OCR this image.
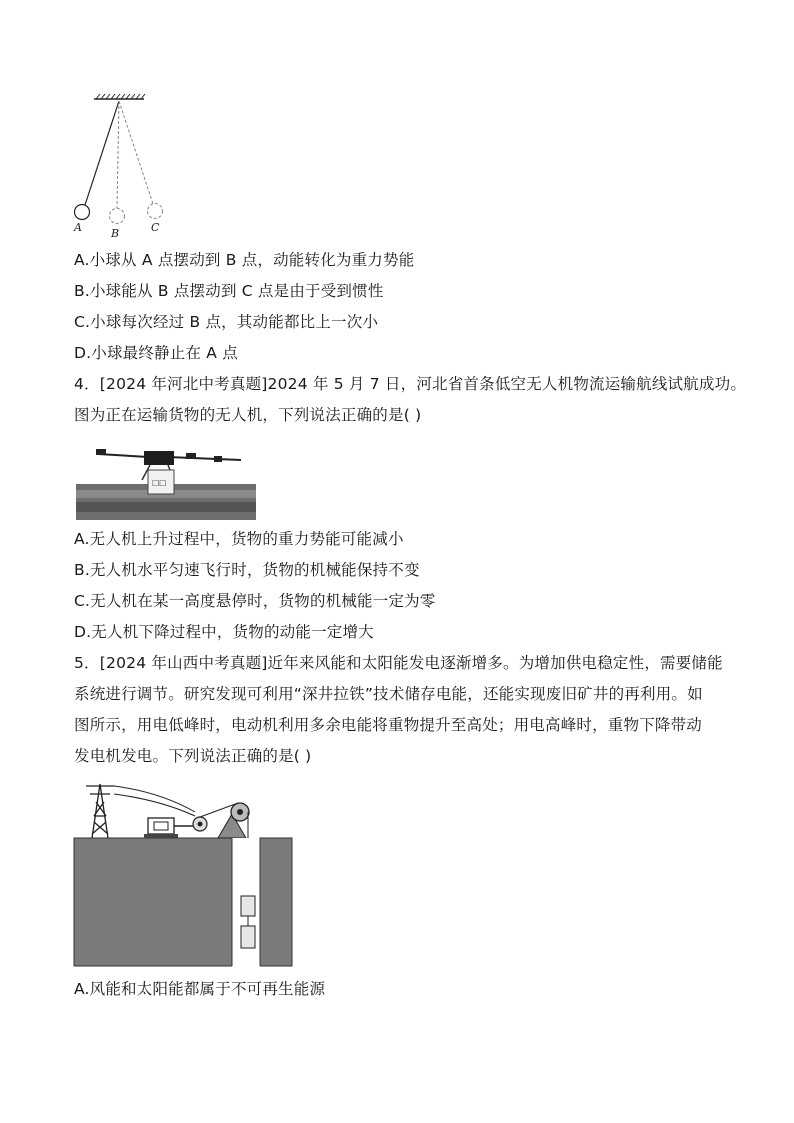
A	B	C
A.小球从 A 点摆动到 B 点，动能转化为重力势能
B.小球能从 B 点摆动到 C 点是由于受到惯性
C.小球每次经过 B 点，其动能都比上一次小
D.小球最终静止在 A 点
4．[2024 年河北中考真题]2024 年 5 月 7 日，河北省首条低空无人机物流运输航线试航成功。
图为正在运输货物的无人机，下列说法正确的是( )
☐☐
A.无人机上升过程中，货物的重力势能可能减小
B.无人机水平匀速飞行时，货物的机械能保持不变
C.无人机在某一高度悬停时，货物的机械能一定为零
D.无人机下降过程中，货物的动能一定增大
5．[2024 年山西中考真题]近年来风能和太阳能发电逐渐增多。为增加供电稳定性，需要储能
系统进行调节。研究发现可利用“深井拉铁”技术储存电能，还能实现废旧矿井的再利用。如
图所示，用电低峰时，电动机利用多余电能将重物提升至高处；用电高峰时，重物下降带动
发电机发电。下列说法正确的是( )
A.风能和太阳能都属于不可再生能源
